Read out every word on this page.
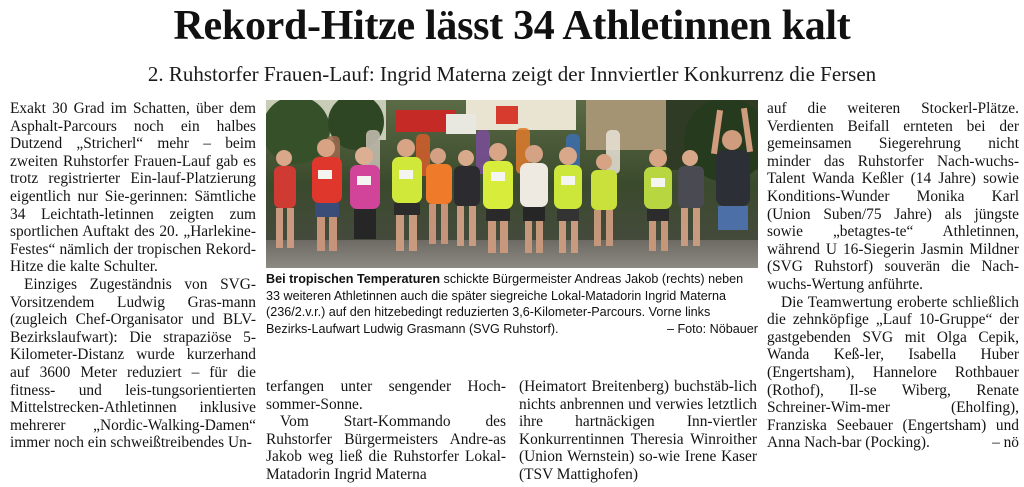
Rekord-Hitze lässt 34 Athletinnen kalt
2. Ruhstorfer Frauen-Lauf: Ingrid Materna zeigt der Innviertler Konkurrenz die Fersen

Exakt 30 Grad im Schatten, über dem Asphalt-Parcours noch ein halbes Dutzend „Stricherl“ mehr – beim zweiten Ruhstorfer Frauen-Lauf gab es trotz registrierter Ein-lauf-Platzierung eigentlich nur Sie-gerinnen: Sämtliche 34 Leichtath-letinnen zeigten zum sportlichen Auftakt des 20. „Harlekine-Festes“ nämlich der tropischen Rekord-Hitze die kalte Schulter.

Einziges Zugeständnis von SVG-Vorsitzendem Ludwig Gras-mann (zugleich Chef-Organisator und BLV-Bezirkslaufwart): Die strapaziöse 5-Kilometer-Distanz wurde kurzerhand auf 3600 Meter reduziert – für die fitness- und leis-tungsorientierten Mittelstrecken-Athletinnen inklusive mehrerer „Nordic-Walking-Damen“ immer noch ein schweißtreibendes Un-

Bei tropischen Temperaturen schickte Bürgermeister Andreas Jakob (rechts) neben 33 weiteren Athletinnen auch die später siegreiche Lokal-Matadorin Ingrid Materna (236/2.v.r.) auf den hitzebedingt reduzierten 3,6-Kilometer-Parcours. Vorne links Bezirks-Laufwart Ludwig Grasmann (SVG Ruhstorf).	– Foto: Nöbauer

terfangen unter sengender Hoch-sommer-Sonne.

Vom Start-Kommando des Ruhstorfer Bürgermeisters Andre-as Jakob weg ließ die Ruhstorfer Lokal-Matadorin Ingrid Materna

(Heimatort Breitenberg) buchstäb-lich nichts anbrennen und verwies letztlich ihre hartnäckigen Inn-viertler Konkurrentinnen Theresia Winroither (Union Wernstein) so-wie Irene Kaser (TSV Mattighofen)

auf die weiteren Stockerl-Plätze. Verdienten Beifall ernteten bei der gemeinsamen Siegerehrung nicht minder das Ruhstorfer Nach-wuchs-Talent Wanda Keßler (14 Jahre) sowie Konditions-Wunder Monika Karl (Union Suben/75 Jahre) als jüngste sowie „betagtes-te“ Athletinnen, während U 16-Siegerin Jasmin Mildner (SVG Ruhstorf) souverän die Nach-wuchs-Wertung anführte.

Die Teamwertung eroberte schließlich die zehnköpfige „Lauf 10-Gruppe“ der gastgebenden SVG mit Olga Cepik, Wanda Keß-ler, Isabella Huber (Engertsham), Hannelore Rothbauer (Rothof), Il-se Wiberg, Renate Schreiner-Wim-mer (Eholfing), Franziska Seebauer (Engertsham) und Anna Nach-bar (Pocking).	– nö
